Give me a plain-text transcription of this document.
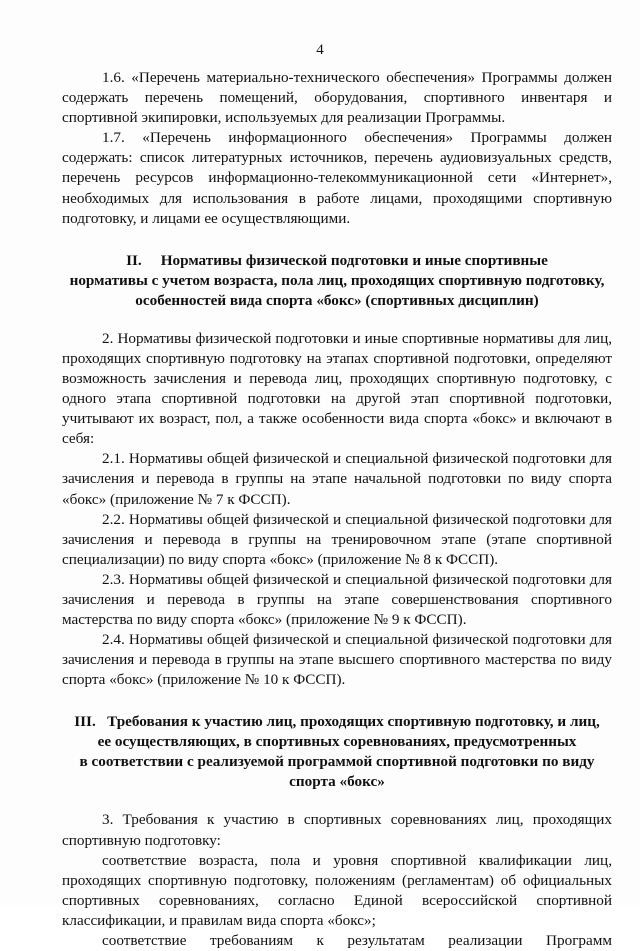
4

1.6. «Перечень материально-технического обеспечения» Программы должен содержать перечень помещений, оборудования, спортивного инвентаря и спортивной экипировки, используемых для реализации Программы.

1.7. «Перечень информационного обеспечения» Программы должен содержать: список литературных источников, перечень аудиовизуальных средств, перечень ресурсов информационно-телекоммуникационной сети «Интернет», необходимых для использования в работе лицами, проходящими спортивную подготовку, и лицами ее осуществляющими.

II.     Нормативы физической подготовки и иные спортивные
нормативы с учетом возраста, пола лиц, проходящих спортивную подготовку,
особенностей вида спорта «бокс» (спортивных дисциплин)

2. Нормативы физической подготовки и иные спортивные нормативы для лиц, проходящих спортивную подготовку на этапах спортивной подготовки, определяют возможность зачисления и перевода лиц, проходящих спортивную подготовку, с одного этапа спортивной подготовки на другой этап спортивной подготовки, учитывают их возраст, пол, а также особенности вида спорта «бокс» и включают в себя:

2.1. Нормативы общей физической и специальной физической подготовки для зачисления и перевода в группы на этапе начальной подготовки по виду спорта «бокс» (приложение № 7 к ФССП).

2.2. Нормативы общей физической и специальной физической подготовки для зачисления и перевода в группы на тренировочном этапе (этапе спортивной специализации) по виду спорта «бокс» (приложение № 8 к ФССП).

2.3. Нормативы общей физической и специальной физической подготовки для зачисления и перевода в группы на этапе совершенствования спортивного мастерства по виду спорта «бокс» (приложение № 9 к ФССП).

2.4. Нормативы общей физической и специальной физической подготовки для зачисления и перевода в группы на этапе высшего спортивного мастерства по виду спорта «бокс» (приложение № 10 к ФССП).

III.   Требования к участию лиц, проходящих спортивную подготовку, и лиц,
ее осуществляющих, в спортивных соревнованиях, предусмотренных
в соответствии с реализуемой программой спортивной подготовки по виду
спорта «бокс»

3. Требования к участию в спортивных соревнованиях лиц, проходящих спортивную подготовку:

соответствие возраста, пола и уровня спортивной квалификации лиц, проходящих спортивную подготовку, положениям (регламентам) об официальных спортивных соревнованиях, согласно Единой всероссийской спортивной классификации, и правилам вида спорта «бокс»;

соответствие требованиям к результатам реализации Программ
